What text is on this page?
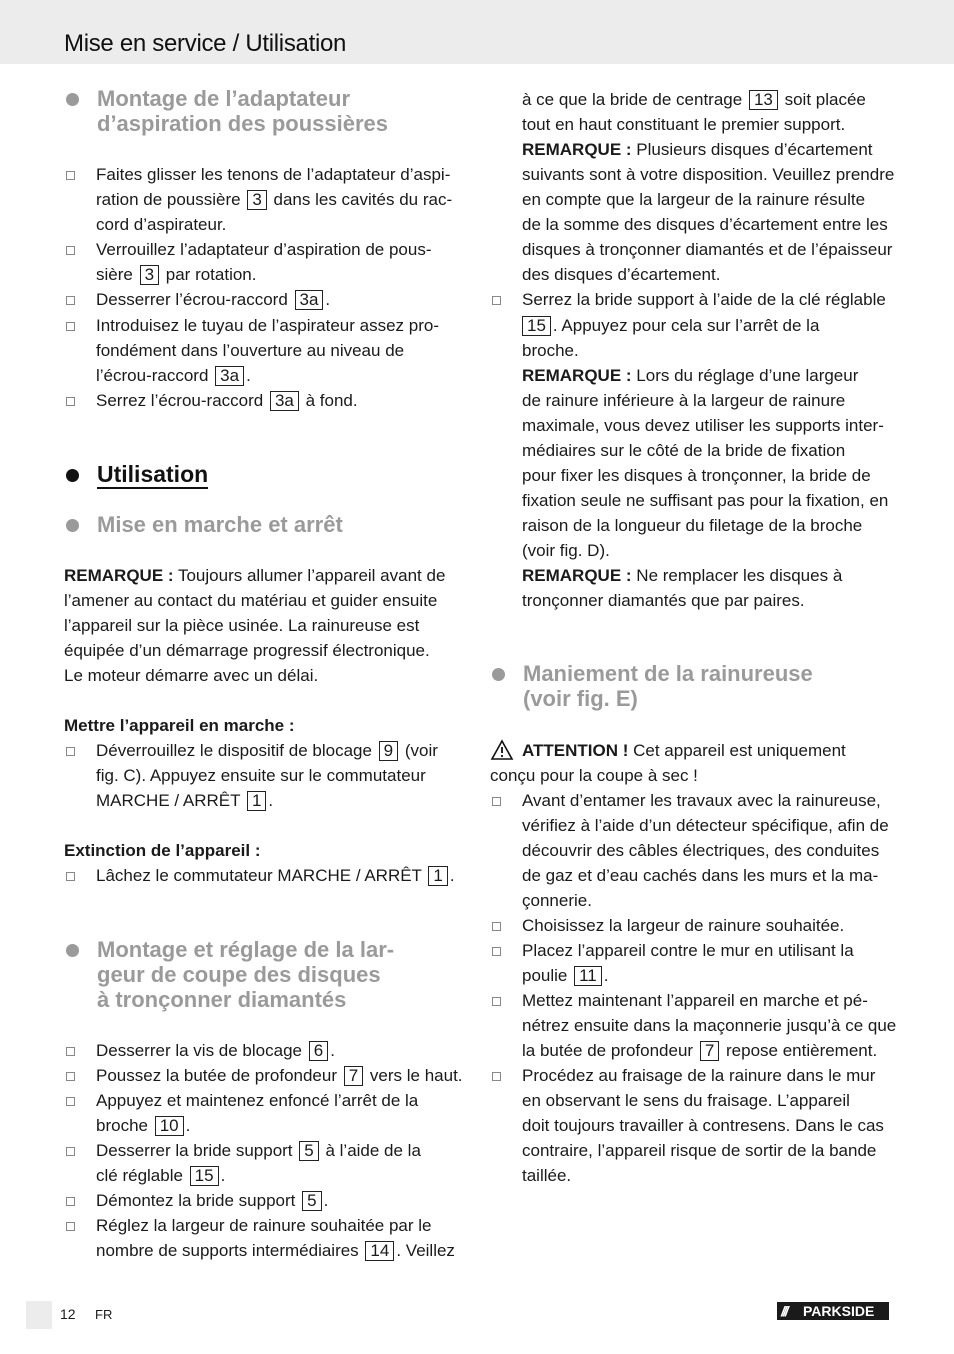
Mise en service / Utilisation
Montage de l’adaptateur
d’aspiration des poussières
Faites glisser les tenons de l’adaptateur d’aspi-
ration de poussière 3 dans les cavités du rac-
cord d’aspirateur.
Verrouillez l’adaptateur d’aspiration de pous-
sière 3 par rotation.
Desserrer l’écrou-raccord 3a .
Introduisez le tuyau de l’aspirateur assez pro-
fondément dans l’ouverture au niveau de
l’écrou-raccord 3a .
Serrez l’écrou-raccord 3a à fond.
Utilisation
Mise en marche et arrêt
REMARQUE : Toujours allumer l’appareil avant de
l’amener au contact du matériau et guider ensuite
l’appareil sur la pièce usinée. La rainureuse est
équipée d’un démarrage progressif électronique.
Le moteur démarre avec un délai.
Mettre l’appareil en marche :
Déverrouillez le dispositif de blocage 9 (voir
fig. C). Appuyez ensuite sur le commutateur
MARCHE / ARRÊT 1 .
Extinction de l’appareil :
Lâchez le commutateur MARCHE / ARRÊT 1 .
Montage et réglage de la lar-
geur de coupe des disques
à tronçonner diamantés
Desserrer la vis de blocage 6 .
Poussez la butée de profondeur 7 vers le haut.
Appuyez et maintenez enfoncé l’arrêt de la
broche 10 .
Desserrer la bride support 5 à l’aide de la
clé réglable 15 .
Démontez la bride support 5 .
Réglez la largeur de rainure souhaitée par le
nombre de supports intermédiaires 14 . Veillez
à ce que la bride de centrage 13 soit placée
tout en haut constituant le premier support.
REMARQUE : Plusieurs disques d’écartement
suivants sont à votre disposition. Veuillez prendre
en compte que la largeur de la rainure résulte
de la somme des disques d’écartement entre les
disques à tronçonner diamantés et de l’épaisseur
des disques d’écartement.
Serrez la bride support à l’aide de la clé réglable
15 . Appuyez pour cela sur l’arrêt de la
broche.
REMARQUE : Lors du réglage d’une largeur
de rainure inférieure à la largeur de rainure
maximale, vous devez utiliser les supports inter-
médiaires sur le côté de la bride de fixation
pour fixer les disques à tronçonner, la bride de
fixation seule ne suffisant pas pour la fixation, en
raison de la longueur du filetage de la broche
(voir fig. D).
REMARQUE : Ne remplacer les disques à
tronçonner diamantés que par paires.
Maniement de la rainureuse
(voir fig. E)
ATTENTION ! Cet appareil est uniquement
conçu pour la coupe à sec !
Avant d’entamer les travaux avec la rainureuse,
vérifiez à l’aide d’un détecteur spécifique, afin de
découvrir des câbles électriques, des conduites
de gaz et d’eau cachés dans les murs et la ma-
çonnerie.
Choisissez la largeur de rainure souhaitée.
Placez l’appareil contre le mur en utilisant la
poulie 11 .
Mettez maintenant l’appareil en marche et pé-
nétrez ensuite dans la maçonnerie jusqu’à ce que
la butée de profondeur 7 repose entièrement.
Procédez au fraisage de la rainure dans le mur
en observant le sens du fraisage. L’appareil
doit toujours travailler à contresens. Dans le cas
contraire, l’appareil risque de sortir de la bande
taillée.
12 FR	/// PARKSIDE
